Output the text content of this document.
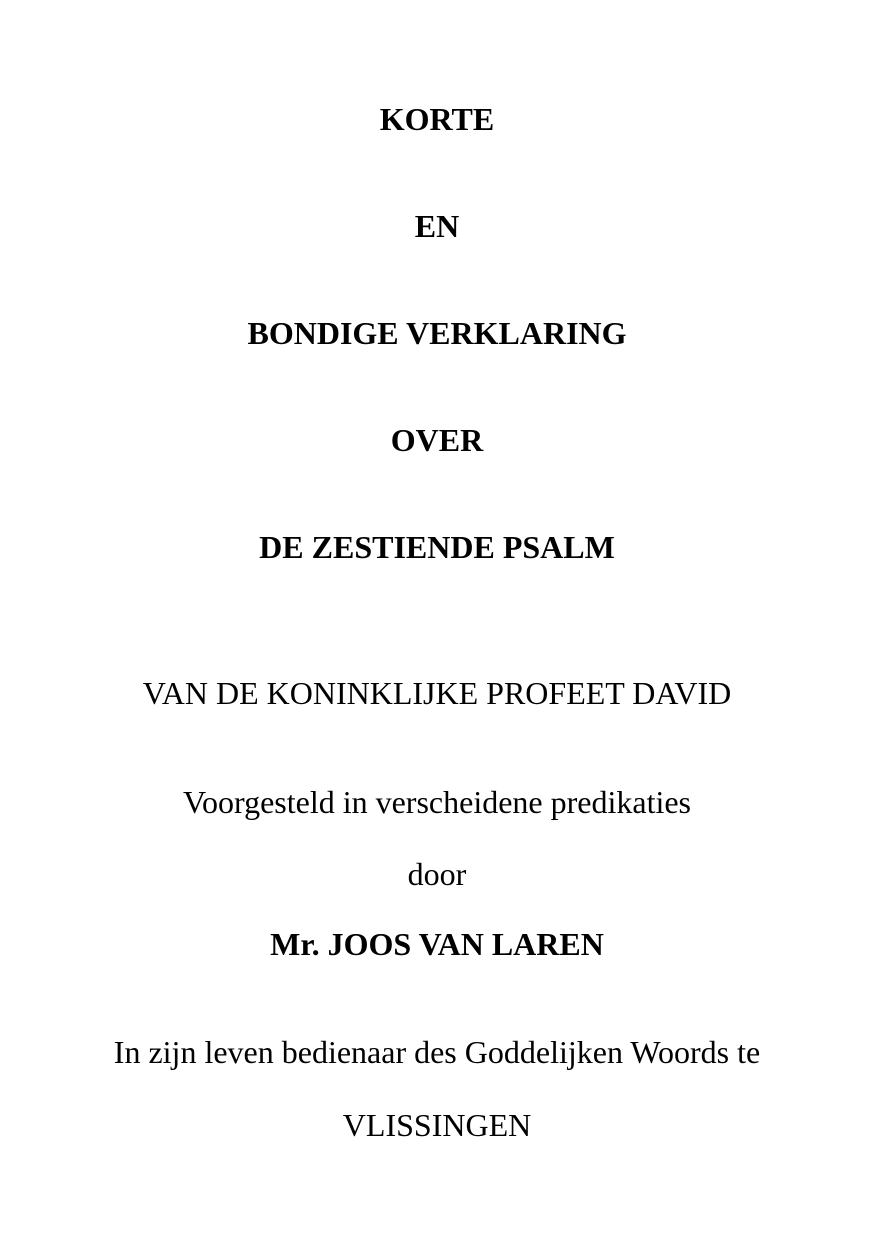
KORTE
EN
BONDIGE VERKLARING
OVER
DE ZESTIENDE PSALM
VAN DE KONINKLIJKE PROFEET DAVID
Voorgesteld in verscheidene predikaties
door
Mr. JOOS VAN LAREN
In zijn leven bedienaar des Goddelijken Woords te
VLISSINGEN
